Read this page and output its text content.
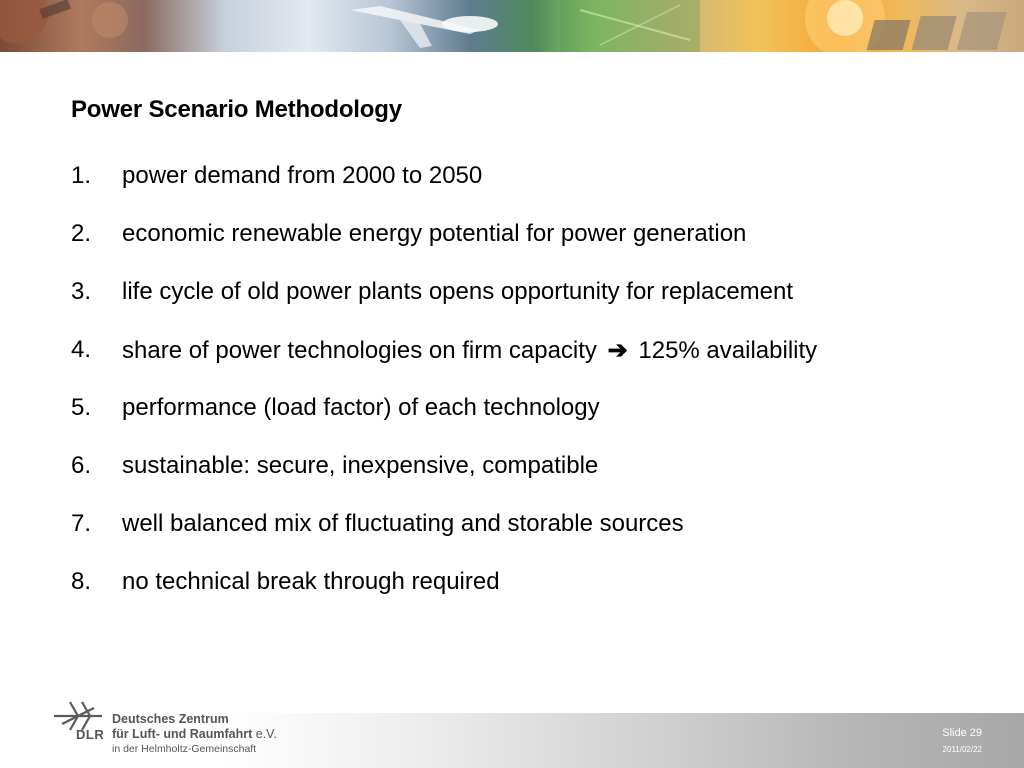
Power Scenario Methodology
1.	power demand from 2000 to 2050
2.	economic renewable energy potential for power generation
3.	life cycle of old power plants opens opportunity for replacement
4.	share of power technologies on firm capacity ➔ 125% availability
5.	performance (load factor) of each technology
6.	sustainable: secure, inexpensive, compatible
7.	well balanced mix of fluctuating and storable sources
8.	no technical break through required
DLR
Deutsches Zentrum
für Luft- und Raumfahrt e.V.
in der Helmholtz-Gemeinschaft
Slide 29
2011/02/22
